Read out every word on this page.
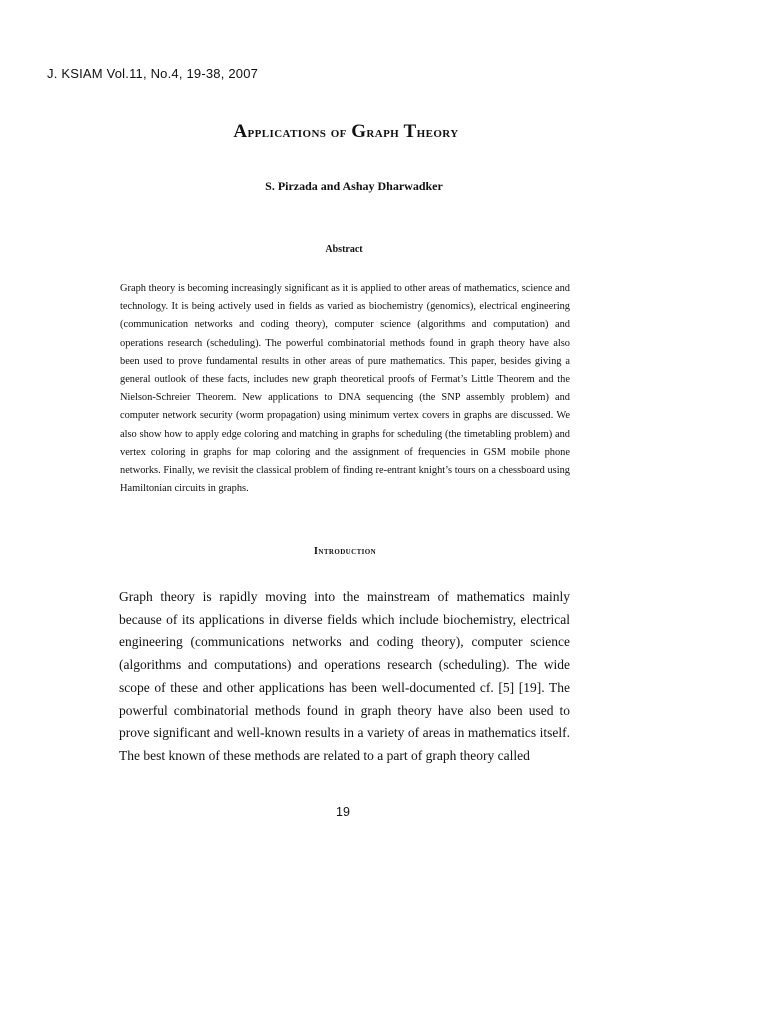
J. KSIAM Vol.11, No.4, 19-38, 2007
Applications of Graph Theory
S. Pirzada and Ashay Dharwadker
Abstract

Graph theory is becoming increasingly significant as it is applied to other areas of mathematics, science and technology. It is being actively used in fields as varied as biochemistry (genomics), electrical engineering (communication networks and coding theory), computer science (algorithms and computation) and operations research (scheduling). The powerful combinatorial methods found in graph theory have also been used to prove fundamental results in other areas of pure mathematics. This paper, besides giving a general outlook of these facts, includes new graph theoretical proofs of Fermat’s Little Theorem and the Nielson-Schreier Theorem. New applications to DNA sequencing (the SNP assembly problem) and computer network security (worm propagation) using minimum vertex covers in graphs are discussed. We also show how to apply edge coloring and matching in graphs for scheduling (the timetabling problem) and vertex coloring in graphs for map coloring and the assignment of frequencies in GSM mobile phone networks. Finally, we revisit the classical problem of finding re-entrant knight’s tours on a chessboard using Hamiltonian circuits in graphs.

Introduction

Graph theory is rapidly moving into the mainstream of mathematics mainly because of its applications in diverse fields which include biochemistry, electrical engineering (communications networks and coding theory), computer science (algorithms and computations) and operations research (scheduling). The wide scope of these and other applications has been well-documented cf. [5] [19]. The powerful combinatorial methods found in graph theory have also been used to prove significant and well-known results in a variety of areas in mathematics itself. The best known of these methods are related to a part of graph theory called

19
